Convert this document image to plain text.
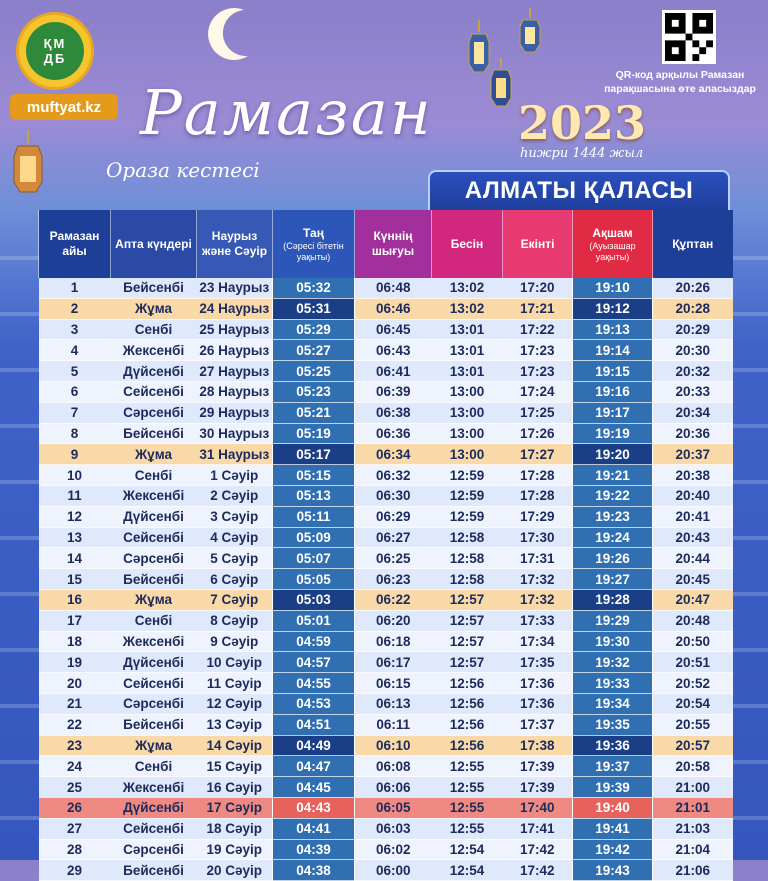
ҚМ
ДБ
muftyat.kz Рамазан
Ораза кестесі
2023
һижри 1444 жыл
QR-код арқылы Рамазан парақшасына өте аласыздар
АЛМАТЫ ҚАЛАСЫ
Рамазан айы	Апта күндері	Наурыз және Сәуір	Таң
(Сәресі бітетін уақыты)	Күннің шығуы	Бесін	Екінті	Ақшам
(Ауызашар уақыты)	Құптан
1	Бейсенбі	23 Наурыз	05:32	06:48	13:02	17:20	19:10	20:26
2	Жұма	24 Наурыз	05:31	06:46	13:02	17:21	19:12	20:28
3	Сенбі	25 Наурыз	05:29	06:45	13:01	17:22	19:13	20:29
4	Жексенбі	26 Наурыз	05:27	06:43	13:01	17:23	19:14	20:30
5	Дүйсенбі	27 Наурыз	05:25	06:41	13:01	17:23	19:15	20:32
6	Сейсенбі	28 Наурыз	05:23	06:39	13:00	17:24	19:16	20:33
7	Сәрсенбі	29 Наурыз	05:21	06:38	13:00	17:25	19:17	20:34
8	Бейсенбі	30 Наурыз	05:19	06:36	13:00	17:26	19:19	20:36
9	Жұма	31 Наурыз	05:17	06:34	13:00	17:27	19:20	20:37
10	Сенбі	1 Сәуір	05:15	06:32	12:59	17:28	19:21	20:38
11	Жексенбі	2 Сәуір	05:13	06:30	12:59	17:28	19:22	20:40
12	Дүйсенбі	3 Сәуір	05:11	06:29	12:59	17:29	19:23	20:41
13	Сейсенбі	4 Сәуір	05:09	06:27	12:58	17:30	19:24	20:43
14	Сәрсенбі	5 Сәуір	05:07	06:25	12:58	17:31	19:26	20:44
15	Бейсенбі	6 Сәуір	05:05	06:23	12:58	17:32	19:27	20:45
16	Жұма	7 Сәуір	05:03	06:22	12:57	17:32	19:28	20:47
17	Сенбі	8 Сәуір	05:01	06:20	12:57	17:33	19:29	20:48
18	Жексенбі	9 Сәуір	04:59	06:18	12:57	17:34	19:30	20:50
19	Дүйсенбі	10 Сәуір	04:57	06:17	12:57	17:35	19:32	20:51
20	Сейсенбі	11 Сәуір	04:55	06:15	12:56	17:36	19:33	20:52
21	Сәрсенбі	12 Сәуір	04:53	06:13	12:56	17:36	19:34	20:54
22	Бейсенбі	13 Сәуір	04:51	06:11	12:56	17:37	19:35	20:55
23	Жұма	14 Сәуір	04:49	06:10	12:56	17:38	19:36	20:57
24	Сенбі	15 Сәуір	04:47	06:08	12:55	17:39	19:37	20:58
25	Жексенбі	16 Сәуір	04:45	06:06	12:55	17:39	19:39	21:00
26	Дүйсенбі	17 Сәуір	04:43	06:05	12:55	17:40	19:40	21:01
27	Сейсенбі	18 Сәуір	04:41	06:03	12:55	17:41	19:41	21:03
28	Сәрсенбі	19 Сәуір	04:39	06:02	12:54	17:42	19:42	21:04
29	Бейсенбі	20 Сәуір	04:38	06:00	12:54	17:42	19:43	21:06
